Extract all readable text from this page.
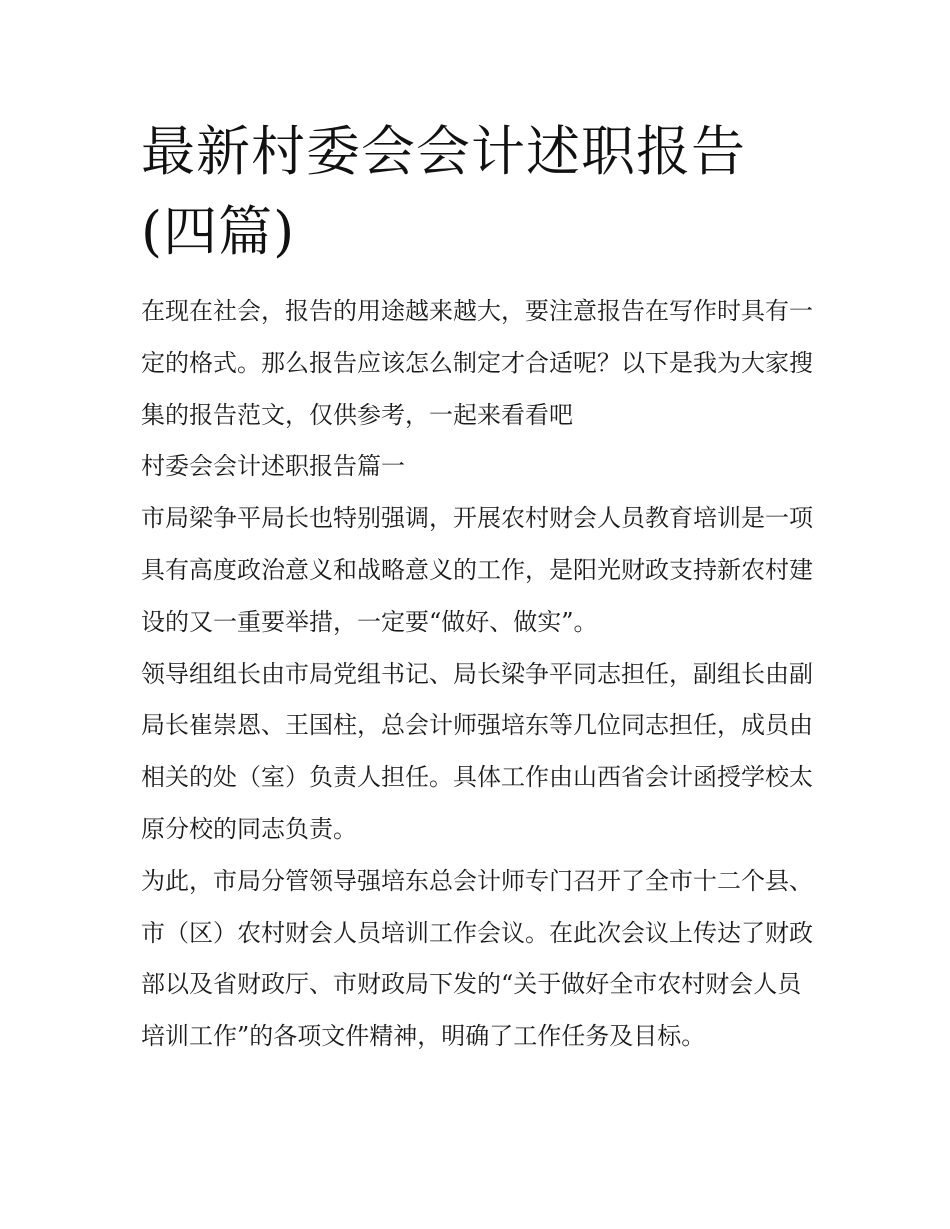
最新村委会会计述职报告(四篇)

在现在社会，报告的用途越来越大，要注意报告在写作时具有一定的格式。那么报告应该怎么制定才合适呢？以下是我为大家搜集的报告范文，仅供参考，一起来看看吧

村委会会计述职报告篇一

市局梁争平局长也特别强调，开展农村财会人员教育培训是一项具有高度政治意义和战略意义的工作，是阳光财政支持新农村建设的又一重要举措，一定要“做好、做实”。

领导组组长由市局党组书记、局长梁争平同志担任，副组长由副局长崔崇恩、王国柱，总会计师强培东等几位同志担任，成员由相关的处（室）负责人担任。具体工作由山西省会计函授学校太原分校的同志负责。

为此，市局分管领导强培东总会计师专门召开了全市十二个县、市（区）农村财会人员培训工作会议。在此次会议上传达了财政部以及省财政厅、市财政局下发的“关于做好全市农村财会人员培训工作”的各项文件精神，明确了工作任务及目标。
